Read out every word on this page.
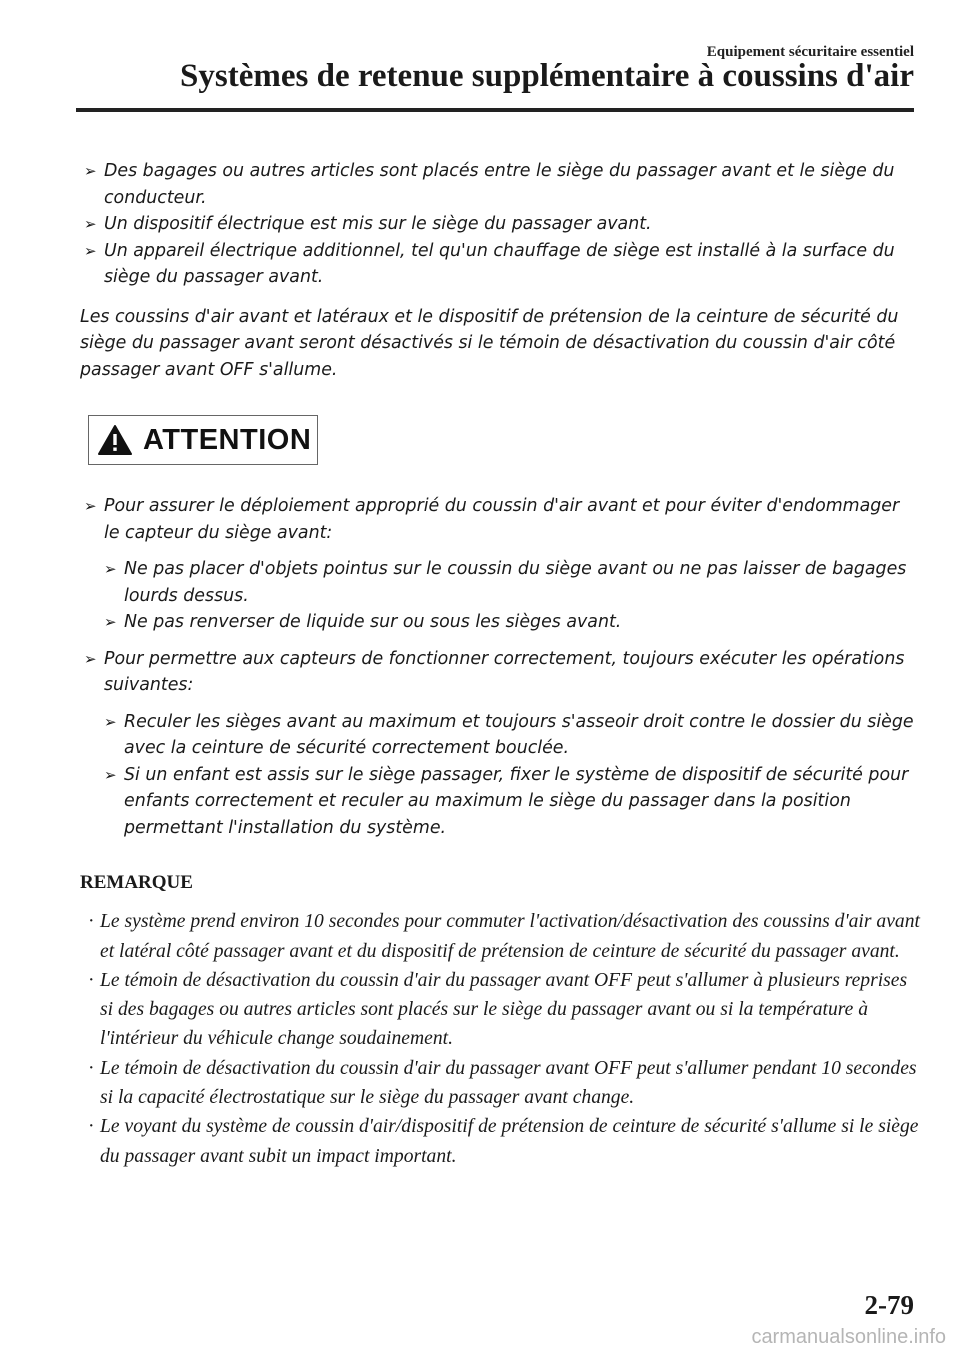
Equipement sécuritaire essentiel
Systèmes de retenue supplémentaire à coussins d'air

➢ Des bagages ou autres articles sont placés entre le siège du passager avant et le siège du conducteur.

➢ Un dispositif électrique est mis sur le siège du passager avant.

➢ Un appareil électrique additionnel, tel qu'un chauffage de siège est installé à la surface du siège du passager avant.

Les coussins d'air avant et latéraux et le dispositif de prétension de la ceinture de sécurité du siège du passager avant seront désactivés si le témoin de désactivation du coussin d'air côté passager avant OFF s'allume.

ATTENTION

➢ Pour assurer le déploiement approprié du coussin d'air avant et pour éviter d'endommager le capteur du siège avant:

➢ Ne pas placer d'objets pointus sur le coussin du siège avant ou ne pas laisser de bagages lourds dessus.

➢ Ne pas renverser de liquide sur ou sous les sièges avant.

➢ Pour permettre aux capteurs de fonctionner correctement, toujours exécuter les opérations suivantes:

➢ Reculer les sièges avant au maximum et toujours s'asseoir droit contre le dossier du siège avec la ceinture de sécurité correctement bouclée.

➢ Si un enfant est assis sur le siège passager, fixer le système de dispositif de sécurité pour enfants correctement et reculer au maximum le siège du passager dans la position permettant l'installation du système.

REMARQUE
· Le système prend environ 10 secondes pour commuter l'activation/désactivation des coussins d'air avant et latéral côté passager avant et du dispositif de prétension de ceinture de sécurité du passager avant.
· Le témoin de désactivation du coussin d'air du passager avant OFF peut s'allumer à plusieurs reprises si des bagages ou autres articles sont placés sur le siège du passager avant ou si la température à l'intérieur du véhicule change soudainement.
· Le témoin de désactivation du coussin d'air du passager avant OFF peut s'allumer pendant 10 secondes si la capacité électrostatique sur le siège du passager avant change.
· Le voyant du système de coussin d'air/dispositif de prétension de ceinture de sécurité s'allume si le siège du passager avant subit un impact important.
2-79
carmanualsonline.info
